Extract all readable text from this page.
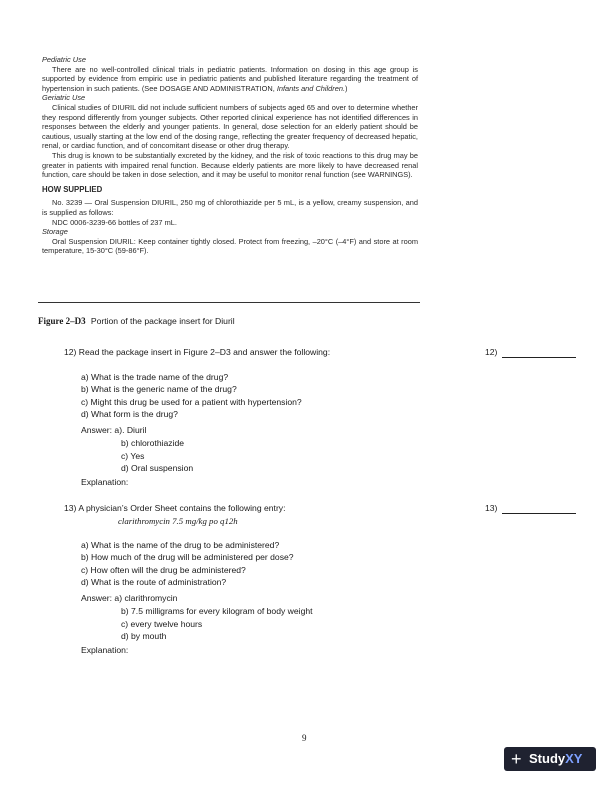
Pediatric Use

There are no well-controlled clinical trials in pediatric patients. Information on dosing in this age group is supported by evidence from empiric use in pediatric patients and published literature regarding the treatment of hypertension in such patients. (See DOSAGE AND ADMINISTRATION, Infants and Children.)

Geriatric Use

Clinical studies of DIURIL did not include sufficient numbers of subjects aged 65 and over to determine whether they respond differently from younger subjects. Other reported clinical experience has not identified differences in responses between the elderly and younger patients. In general, dose selection for an elderly patient should be cautious, usually starting at the low end of the dosing range, reflecting the greater frequency of decreased hepatic, renal, or cardiac function, and of concomitant disease or other drug therapy.

This drug is known to be substantially excreted by the kidney, and the risk of toxic reactions to this drug may be greater in patients with impaired renal function. Because elderly patients are more likely to have decreased renal function, care should be taken in dose selection, and it may be useful to monitor renal function (see WARNINGS).

HOW SUPPLIED

No. 3239 — Oral Suspension DIURIL, 250 mg of chlorothiazide per 5 mL, is a yellow, creamy suspension, and is supplied as follows:

NDC 0006-3239-66 bottles of 237 mL.

Storage

Oral Suspension DIURIL: Keep container tightly closed. Protect from freezing, –20°C (–4°F) and store at room temperature, 15-30°C (59-86°F).

Figure 2–D3 Portion of the package insert for Diuril
12) Read the package insert in Figure 2–D3 and answer the following:	12)
a) What is the trade name of the drug?
b) What is the generic name of the drug?
c) Might this drug be used for a patient with hypertension?
d) What form is the drug?
Answer: a). Diuril
b) chlorothiazide
c) Yes
d) Oral suspension
Explanation:
13) A physician’s Order Sheet contains the following entry:	13)
clarithromycin 7.5 mg/kg po q12h
a) What is the name of the drug to be administered?
b) How much of the drug will be administered per dose?
c) How often will the drug be administered?
d) What is the route of administration?
Answer: a) clarithromycin
b) 7.5 milligrams for every kilogram of body weight
c) every twelve hours
d) by mouth
Explanation:
9
+ StudyXY
